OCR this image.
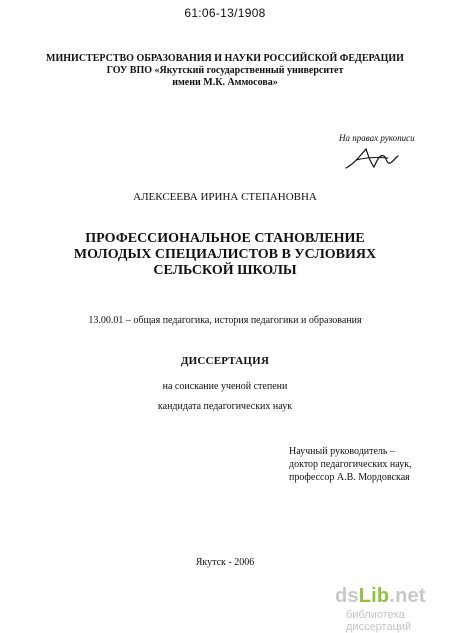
61:06-13/1908
МИНИСТЕРСТВО ОБРАЗОВАНИЯ И НАУКИ РОССИЙСКОЙ ФЕДЕРАЦИИ
ГОУ ВПО «Якутский государственный университет
имени М.К. Аммосова»
На правах рукописи
АЛЕКСЕЕВА ИРИНА СТЕПАНОВНА
ПРОФЕССИОНАЛЬНОЕ СТАНОВЛЕНИЕ
МОЛОДЫХ СПЕЦИАЛИСТОВ В УСЛОВИЯХ
СЕЛЬСКОЙ ШКОЛЫ
13.00.01 – общая педагогика, история педагогики и образования
ДИССЕРТАЦИЯ
на соискание ученой степени
кандидата педагогических наук
Научный руководитель –
доктор педагогических наук,
профессор А.В. Мордовская
Якутск - 2006
dsLib.net
библиотека диссертаций
